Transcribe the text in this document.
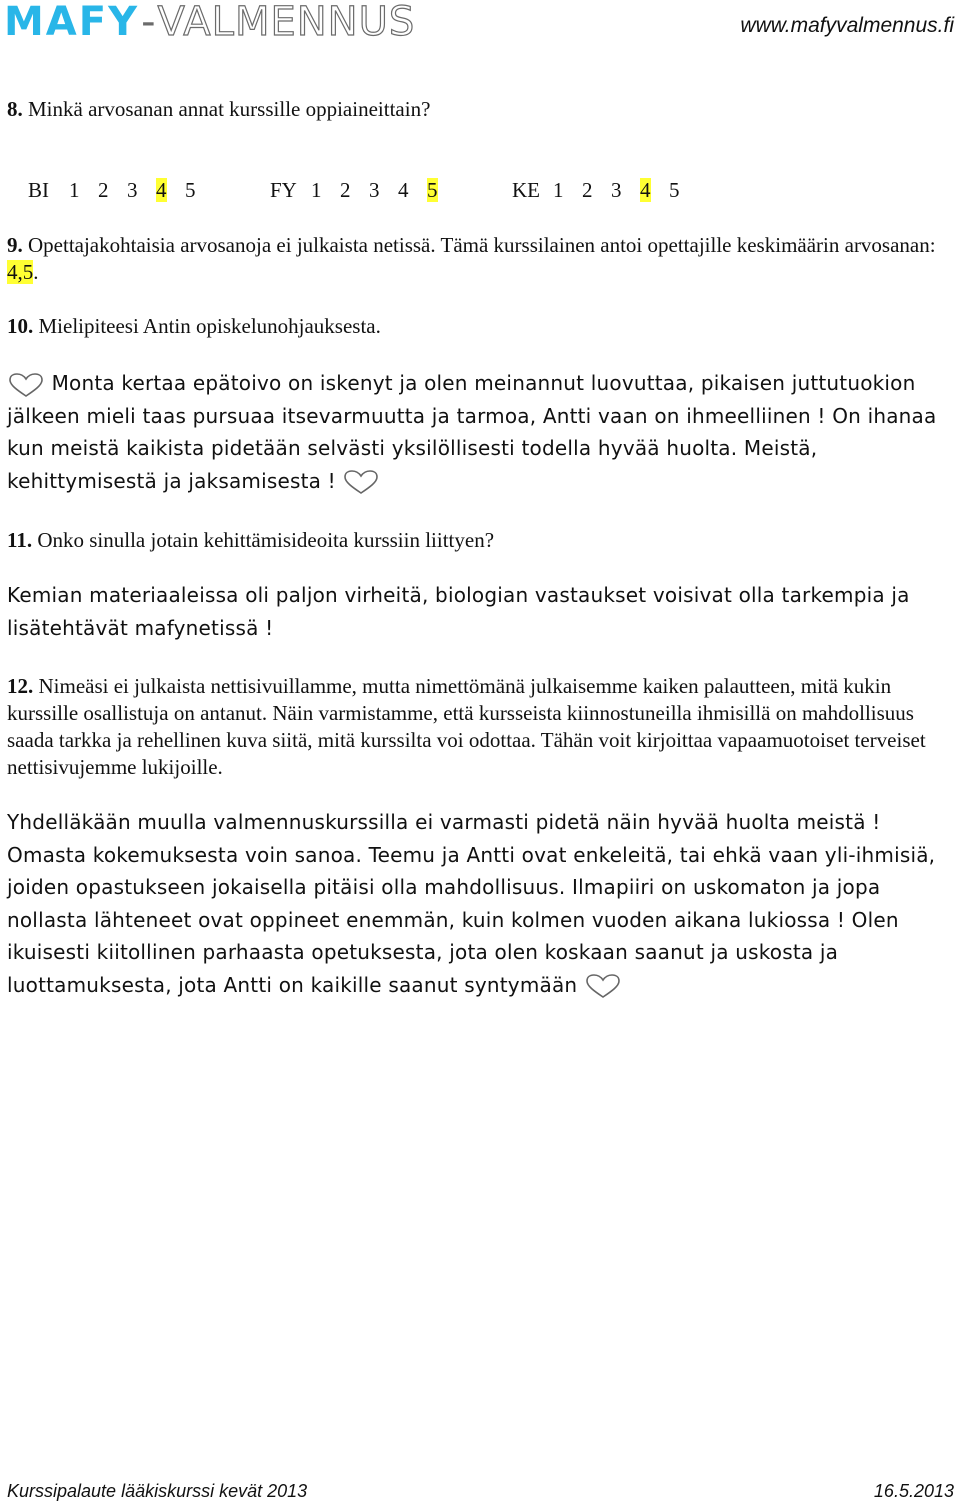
MAFY - VALMENNUS	www.mafyvalmennus.fi
8. Minkä arvosanan annat kurssille oppiaineittain?

BI 1 2 3 4 5	FY 1 2 3 4 5	KE 1 2 3 4 5

9. Opettajakohtaisia arvosanoja ei julkaista netissä. Tämä kurssilainen antoi opettajille keskimäärin arvosanan: 4,5.
10. Mielipiteesi Antin opiskelunohjauksesta.
Monta kertaa epätoivo on iskenyt ja olen meinannut luovuttaa, pikaisen juttutuokion jälkeen mieli taas pursuaa itsevarmuutta ja tarmoa, Antti vaan on ihmeelliinen ! On ihanaa kun meistä kaikista pidetään selvästi yksilöllisesti todella hyvää huolta. Meistä, kehittymisestä ja jaksamisesta !
11. Onko sinulla jotain kehittämisideoita kurssiin liittyen?
Kemian materiaaleissa oli paljon virheitä, biologian vastaukset voisivat olla tarkempia ja lisätehtävät mafynetissä !
12. Nimeäsi ei julkaista nettisivuillamme, mutta nimettömänä julkaisemme kaiken palautteen, mitä kukin kurssille osallistuja on antanut. Näin varmistamme, että kursseista kiinnostuneilla ihmisillä on mahdollisuus saada tarkka ja rehellinen kuva siitä, mitä kurssilta voi odottaa. Tähän voit kirjoittaa vapaamuotoiset terveiset nettisivujemme lukijoille.
Yhdelläkään muulla valmennuskurssilla ei varmasti pidetä näin hyvää huolta meistä ! Omasta kokemuksesta voin sanoa. Teemu ja Antti ovat enkeleitä, tai ehkä vaan yli-ihmisiä, joiden opastukseen jokaisella pitäisi olla mahdollisuus. Ilmapiiri on uskomaton ja jopa nollasta lähteneet ovat oppineet enemmän, kuin kolmen vuoden aikana lukiossa ! Olen ikuisesti kiitollinen parhaasta opetuksesta, jota olen koskaan saanut ja uskosta ja luottamuksesta, jota Antti on kaikille saanut syntymään
Kurssipalaute lääkiskurssi kevät 2013	16.5.2013
